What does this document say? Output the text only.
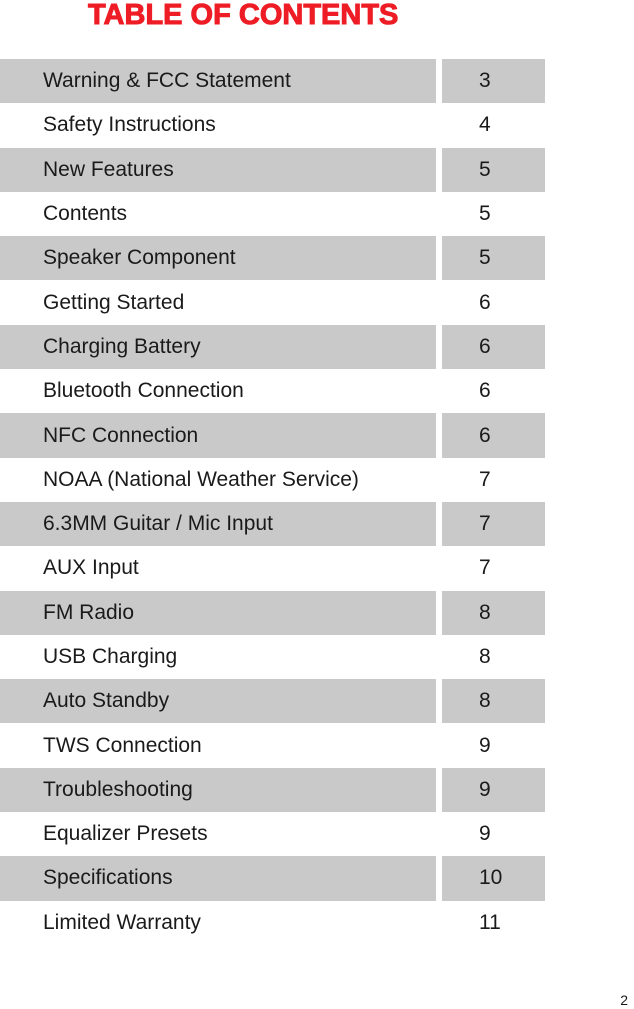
TABLE OF CONTENTS
Warning & FCC Statement	3
Safety Instructions	4
New Features	5
Contents	5
Speaker Component	5
Getting Started	6
Charging Battery	6
Bluetooth Connection	6
NFC Connection	6
NOAA (National Weather Service)	7
6.3MM Guitar / Mic Input	7
AUX Input	7
FM Radio	8
USB Charging	8
Auto Standby	8
TWS Connection	9
Troubleshooting	9
Equalizer Presets	9
Specifications	10
Limited Warranty	11
2
